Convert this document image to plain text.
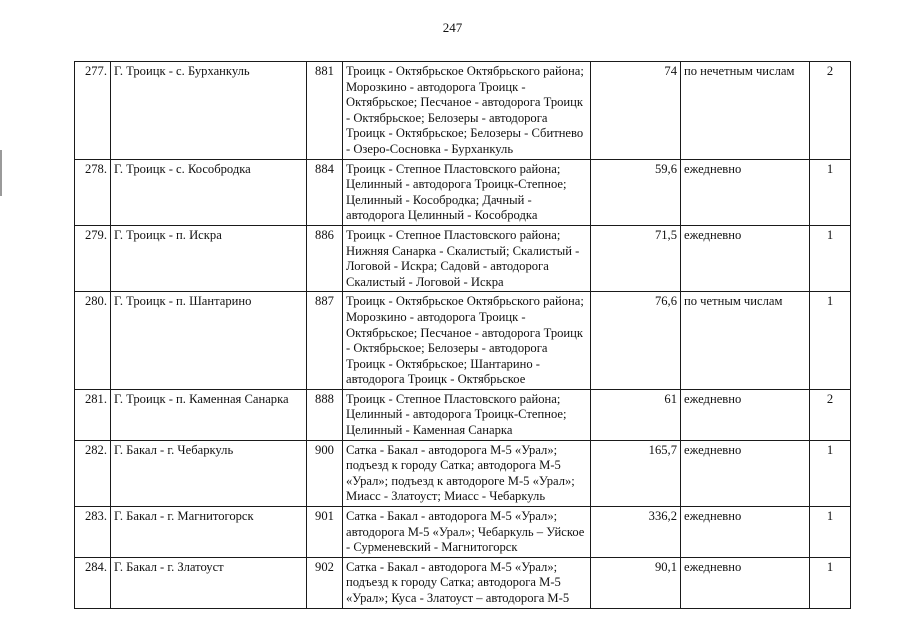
247
277.	Г. Троицк - с. Бурханкуль	881	Троицк - Октябрьское Октябрьского района; Морозкино - автодорога Троицк - Октябрьское; Песчаное - автодорога Троицк - Октябрьское; Белозеры - автодорога Троицк - Октябрьское; Белозеры - Сбитнево - Озеро-Сосновка - Бурханкуль	74	по нечетным числам	2
278.	Г. Троицк - с. Кособродка	884	Троицк - Степное Пластовского района; Целинный - автодорога Троицк-Степное; Целинный - Кособродка; Дачный - автодорога Целинный - Кособродка	59,6	ежедневно	1
279.	Г. Троицк - п. Искра	886	Троицк - Степное Пластовского района; Нижняя Санарка - Скалистый; Скалистый - Логовой - Искра; Садовй - автодорога Скалистый - Логовой - Искра	71,5	ежедневно	1
280.	Г. Троицк - п. Шантарино	887	Троицк - Октябрьское Октябрьского района; Морозкино - автодорога Троицк - Октябрьское; Песчаное - автодорога Троицк - Октябрьское; Белозеры - автодорога Троицк - Октябрьское; Шантарино - автодорога Троицк - Октябрьское	76,6	по четным числам	1
281.	Г. Троицк - п. Каменная Санарка	888	Троицк - Степное Пластовского района; Целинный - автодорога Троицк-Степное; Целинный - Каменная Санарка	61	ежедневно	2
282.	Г. Бакал - г. Чебаркуль	900	Сатка - Бакал - автодорога М-5 «Урал»; подъезд к городу Сатка; автодорога М-5 «Урал»; подъезд к автодороге М-5 «Урал»; Миасс - Златоуст; Миасс - Чебаркуль	165,7	ежедневно	1
283.	Г. Бакал - г. Магнитогорск	901	Сатка - Бакал - автодорога М-5 «Урал»; автодорога М-5 «Урал»; Чебаркуль – Уйское - Сурменевский - Магнитогорск	336,2	ежедневно	1
284.	Г. Бакал - г. Златоуст	902	Сатка - Бакал - автодорога М-5 «Урал»; подъезд к городу Сатка; автодорога М-5 «Урал»; Куса - Златоуст – автодорога М-5	90,1	ежедневно	1
